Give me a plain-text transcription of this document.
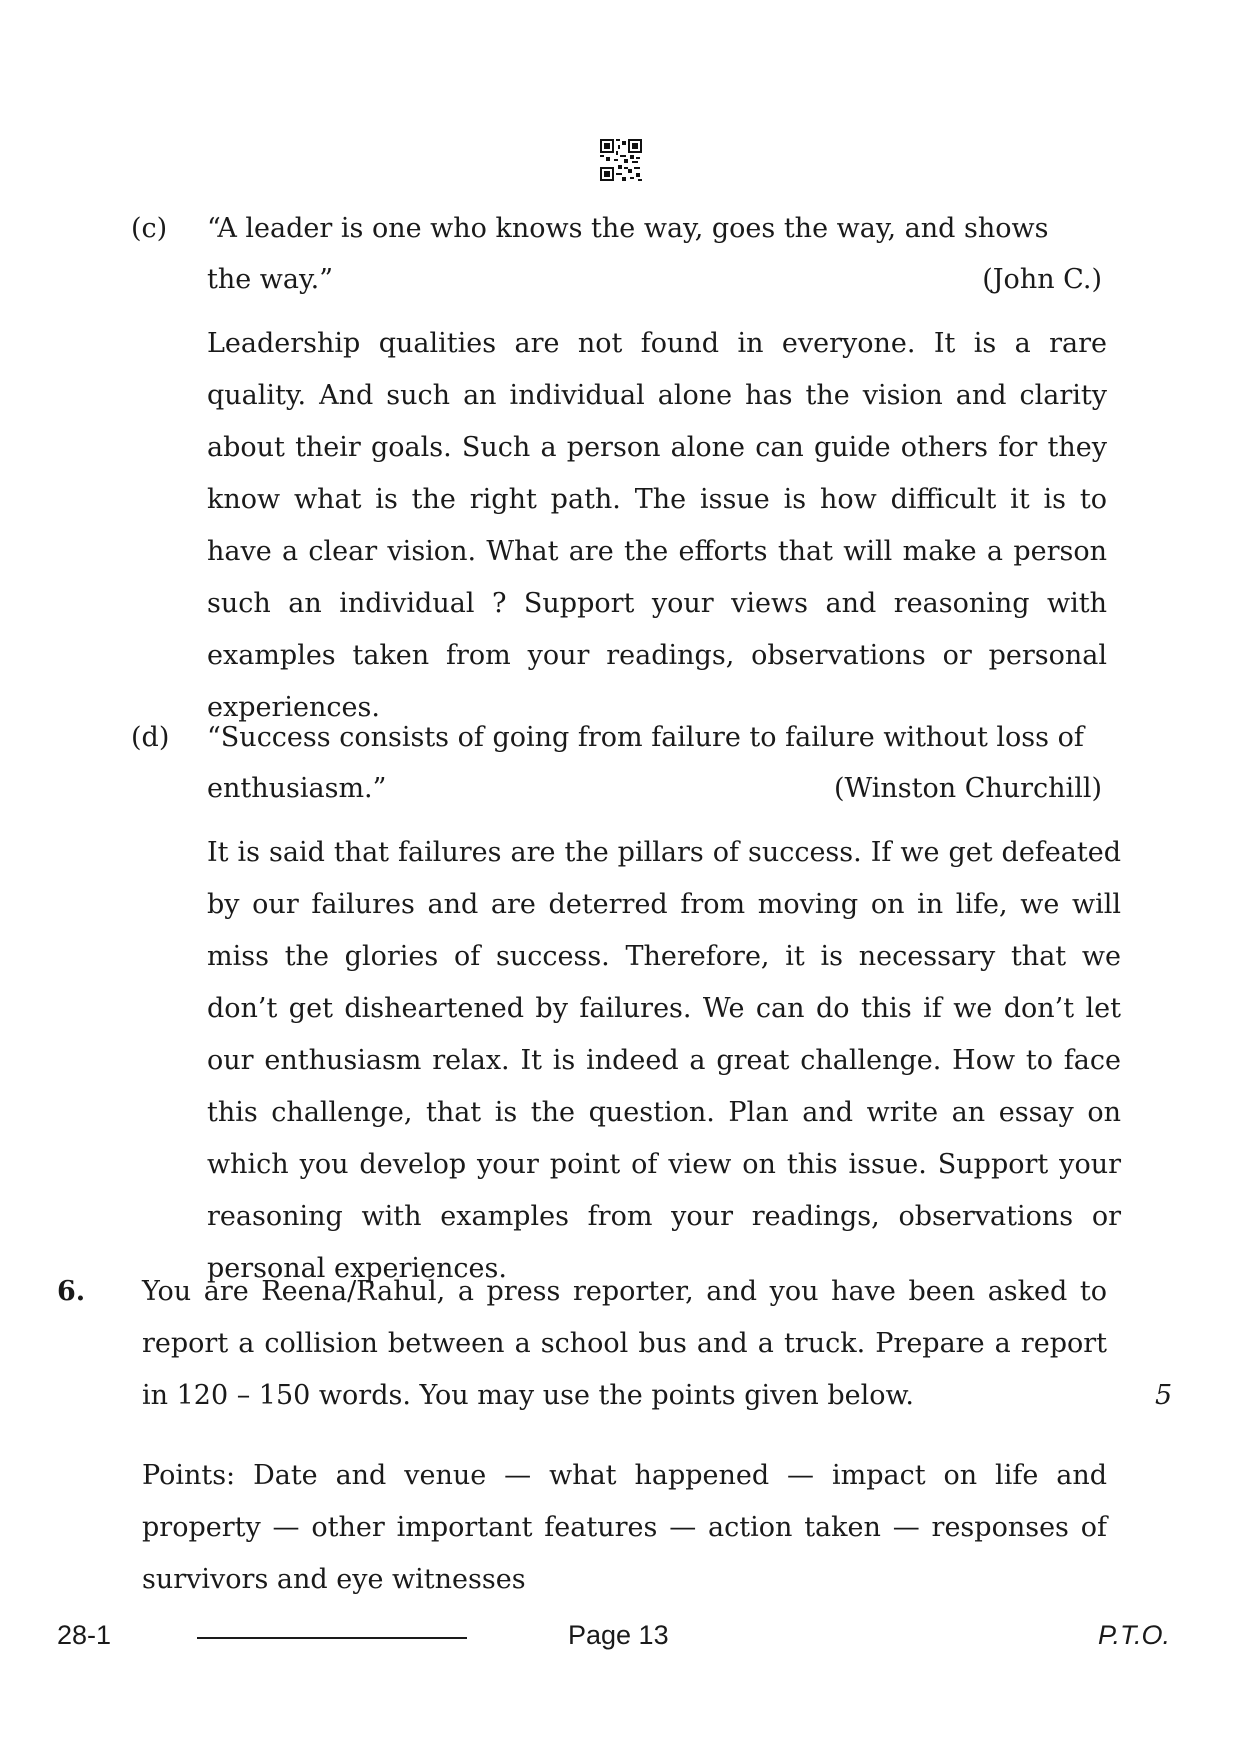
(c) “A leader is one who knows the way, goes the way, and shows

the way.”	(John C.)

Leadership qualities are not found in everyone. It is a rare quality. And such an individual alone has the vision and clarity about their goals. Such a person alone can guide others for they know what is the right path. The issue is how difficult it is to have a clear vision. What are the efforts that will make a person such an individual ? Support your views and reasoning with examples taken from your readings, observations or personal experiences.

(d) “Success consists of going from failure to failure without loss of

enthusiasm.”	(Winston Churchill)

It is said that failures are the pillars of success. If we get defeated by our failures and are deterred from moving on in life, we will miss the glories of success. Therefore, it is necessary that we don’t get disheartened by failures. We can do this if we don’t let our enthusiasm relax. It is indeed a great challenge. How to face this challenge, that is the question. Plan and write an essay on which you develop your point of view on this issue. Support your reasoning with examples from your readings, observations or personal experiences.

6. You are Reena/Rahul, a press reporter, and you have been asked to report a collision between a school bus and a truck. Prepare a report in 120 – 150 words. You may use the points given below.	5

Points: Date and venue — what happened — impact on life and property — other important features — action taken — responses of survivors and eye witnesses

28-1	Page 13	P.T.O.
